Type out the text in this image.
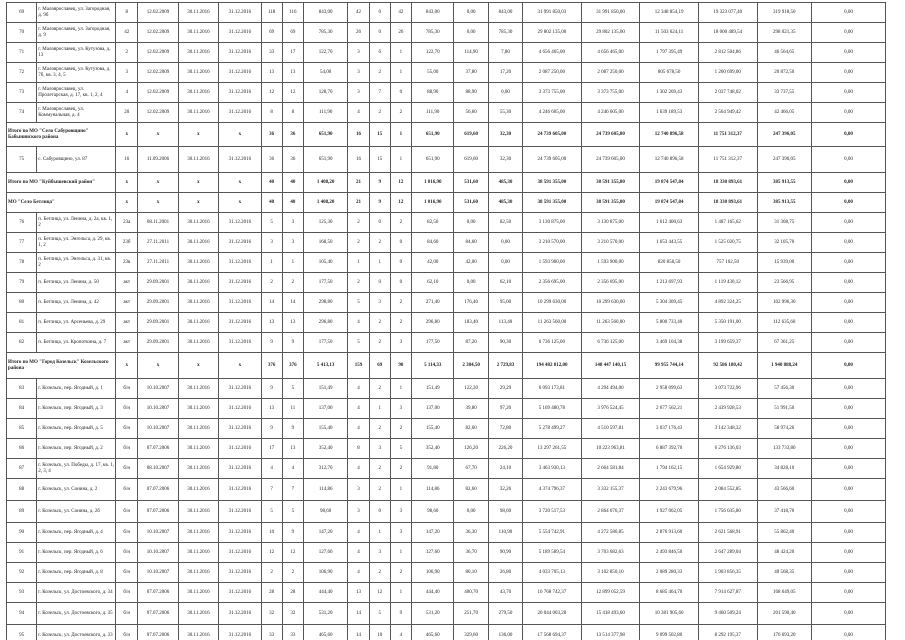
69	г. Малоярославец, ул. Загородная, д. 9б	8	12.02.2009	30.11.2016	31.12.2016	118	116	843,00	42	0	42	843,00	0,00	843,00	31 991 850,03	31 991 850,00	12 348 854,19	19 323 077,40	319 918,50	0,00
70	г. Малоярославец, ул. Загородная, д. 9	42	12.02.2009	30.11.2016	31.12.2016	69	69	785,30	26	0	26	785,30	0,00	785,30	29 802 135,00	29 802 135,00	11 503 624,11	18 000 489,54	298 021,35	0,00
71	г. Малоярославец, ул. Кутузова, д. 13	2	12.02.2009	30.11.2016	31.12.2016	33	17	122,70	3	6	1	122,70	114,90	7,80	4 656 465,00	4 656 465,00	1 797 395,49	2 812 504,86	46 564,65	0,00
72	г. Малоярославец, ул. Кутузова, д. 7б, кв. 3, 4, 5	3	12.02.2009	30.11.2016	31.12.2016	13	13	54,00	3	2	1	55,00	37,80	17,20	2 087 250,00	2 087 250,00	805 678,50	1 260 699,00	20 872,50	0,00
73	г. Малоярославец, ул. Пролетарская, д. 17, кв. 1, 2, 4	4	12.02.2009	30.11.2016	31.12.2016	12	12	128,70	3	7	0	88,90	88,90	0,00	3 373 755,00	3 373 755,00	1 302 269,43	2 037 748,02	33 737,55	0,00
74	г. Малоярославец, ул. Коммунальная, д. 4	20	12.02.2009	30.11.2016	31.12.2016	8	8	111,90	4	2	2	111,90	56,60	55,30	4 246 605,00	4 246 605,00	1 639 189,53	2 564 949,42	42 466,05	0,00
Итого по МО "Село Сабуровщино" Бабынинского района		х	х	х	х	36	36	651,90	16	15	1	651,90	619,60	32,30	24 739 605,00	24 739 605,00	12 740 896,58	11 751 312,37	247 396,05	0,00
75	с. Сабуровщино, ул. 87	16	11.09.2006	30.11.2016	31.12.2016	36	36	651,90	16	15	1	651,90	619,60	32,30	24 739 605,00	24 739 605,00	12 740 896,58	11 751 312,37	247 396,05	0,00
Итого по МО "Куйбышевский район"		х	х	х	х	40	40	1 408,20	21	9	12	1 016,90	531,60	485,30	38 591 355,00	38 591 355,00	19 874 547,84	18 330 893,61	385 913,55	0,00
МО "Село Бетлица"		х	х	х	х	40	40	1 408,20	21	9	12	1 016,90	531,60	485,30	38 591 355,00	38 591 355,00	19 874 547,84	18 330 893,61	385 913,55	0,00
76	п. Бетлица, ул. Ленина, д. 2а, кв. 1, 2	23а	08.11.2001	30.11.2016	31.12.2016	5	3	125,30	2	0	2	82,50	0,00	82,50	3 130 875,00	3 130 875,00	1 612 400,63	1 487 165,62	31 308,75	0,00
77	п. Бетлица, ул. Энгельса, д. 29, кв. 1, 2	23б	27.11.2011	30.11.2016	31.12.2016	3	3	168,50	2	2	0	84,60	84,60	0,00	3 210 570,00	3 210 570,00	1 653 443,55	1 525 020,75	32 105,70	0,00
78	п. Бетлица, ул. Энгельса, д. 31, кв. 2	23в	27.11.2011	30.11.2016	31.12.2016	1	1	105,40	1	1	0	42,00	42,00	0,00	1 593 900,00	1 593 900,00	820 858,50	757 102,50	15 939,00	0,00
79	п. Бетлица, ул. Ленина, д. 50	акт	29.09.2001	30.11.2016	31.12.2016	2	2	177,50	2	0	0	62,10	0,00	62,10	2 356 695,00	2 356 695,00	1 213 697,93	1 119 430,12	23 566,95	0,00
80	п. Бетлица, ул. Ленина, д. 42	акт	29.09.2001	30.11.2016	31.12.2016	14	14	298,80	5	3	2	271,40	176,40	95,00	10 299 630,00	10 299 630,00	5 304 309,45	4 892 324,25	102 996,30	0,00
81	п. Бетлица, ул. Арсеньева, д. 29	акт	29.09.2001	30.11.2016	31.12.2016	13	13	296,80	4	2	2	296,80	183,40	113,40	11 263 560,00	11 263 560,00	5 800 733,40	5 350 191,00	112 635,60	0,00
82	п. Бетлица, ул. Кропоткина, д. 7	акт	29.09.2001	30.11.2016	31.12.2016	9	9	177,50	5	2	3	177,50	87,20	90,30	6 736 125,00	6 736 125,00	3 469 104,38	3 199 659,37	67 361,25	0,00
Итого по МО "Город Козельск" Козельского района		х	х	х	х	376	376	5 413,13	159	69	90	5 114,33	2 384,50	2 729,83	194 482 812,00	148 447 140,15	99 955 744,14	92 586 180,42	1 940 888,24	0,00
83	г. Козельск, пер. Ягодный, д. 1	б/н	10.10.2007	30.11.2016	31.12.2016	9	5	151,49	4	2	1	151,49	122,20	29,29	6 093 173,81	4 294 494,00	2 958 099,63	3 073 722,96	57 456,30	0,00
84	г. Козельск, пер. Ягодный, д. 3	б/н	10.10.2007	30.11.2016	31.12.2016	13	11	137,00	4	1	3	137,00	39,80	97,20	5 169 480,78	3 976 524,45	2 677 562,21	2 439 928,53	51 991,50	0,00
85	г. Козельск, пер. Ягодный, д. 5	б/н	10.10.2007	30.11.2016	31.12.2016	9	9	155,40	4	2	2	155,40	82,60	72,80	5 278 499,27	4 510 597,81	3 037 176,43	3 142 348,32	58 974,26	0,00
86	г. Козельск, пер. Ягодный, д. 2	б/н	07.07.2006	30.11.2016	31.12.2016	17	13	352,40	8	3	5	352,40	126,20	226,20	13 297 261,55	10 223 963,81	6 887 392,70	6 276 136,03	133 733,80	0,00
87	г. Козельск, ул. Победы, д. 17, кв. 1, 2, 3, 4	б/н	08.10.2007	30.11.2016	31.12.2016	4	4	312,70	4	2	2	91,80	67,70	24,10	3 463 930,13	2 664 581,84	1 794 162,15	1 654 929,80	34 828,10	0,00
88	г. Козельск, ул. Сонина, д. 2	б/н	07.07.2006	30.11.2016	31.12.2016	7	7	114,86	3	2	1	114,86	82,60	32,26	4 374 796,37	3 332 155,37	2 243 679,96	2 084 552,85	43 566,60	0,00
89	г. Козельск, ул. Сонина, д. 2б	б/н	07.07.2006	30.11.2016	31.12.2016	5	5	98,60	3	0	3	98,60	0,00	98,60	3 720 517,53	2 864 076,37	1 927 062,05	1 756 035,80	37 418,70	0,00
90	г. Козельск, пер. Ягодный, д. 4	б/н	10.10.2007	30.11.2016	31.12.2016	10	9	147,20	4	1	3	147,20	36,30	110,90	5 554 742,91	4 272 586,85	2 876 913,60	2 621 568,91	55 862,40	0,00
91	г. Козельск, пер. Ягодный, д. 6	б/н	10.10.2007	30.11.2016	31.12.2016	12	12	127,60	4	3	1	127,60	36,70	90,90	5 189 589,54	3 703 682,63	2 493 846,50	2 647 289,04	48 424,20	0,00
92	г. Козельск, пер. Ягодный, д. 8	б/н	10.10.2007	30.11.2016	31.12.2016	2	2	106,90	4	2	2	106,90	80,10	26,80	4 033 705,13	3 102 850,10	2 089 280,33	1 903 856,35	40 568,35	0,00
93	г. Козельск, ул. Достоевского, д. 34	б/н	07.07.2006	30.11.2016	31.12.2016	28	28	444,40	13	12	1	444,40	400,70	43,70	16 768 742,37	12 899 052,59	8 685 464,70	7 914 627,87	168 649,05	0,00
94	г. Козельск, ул. Достоевского, д. 35	б/н	07.07.2006	30.11.2016	31.12.2016	32	32	531,20	14	5	9	531,20	251,70	279,50	20 044 003,28	15 418 493,60	10 381 905,60	9 460 509,24	201 590,40	0,00
95	г. Козельск, ул. Достоевского, д. 33	б/н	07.07.2006	30.11.2016	31.12.2016	33	33	465,60	14	10	4	465,60	329,60	136,00	17 568 694,37	13 514 377,98	9 099 502,80	8 292 195,37	176 693,20	0,00
